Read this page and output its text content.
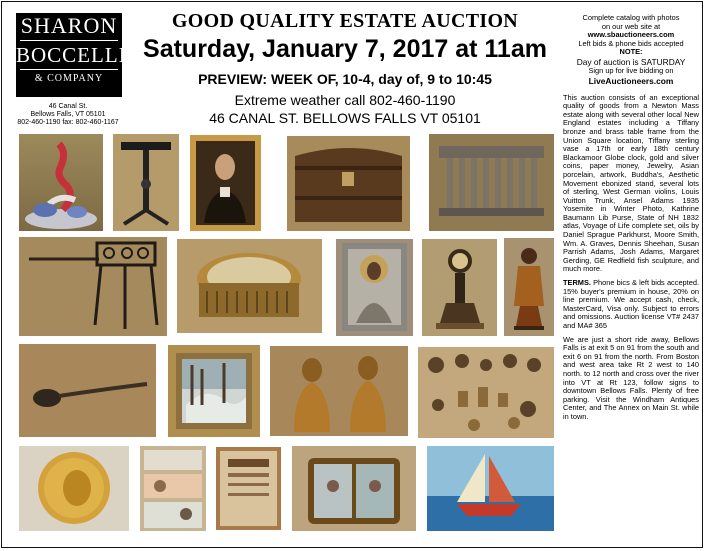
SHARON
BOCCELLI
& COMPANY
46 Canal St.
Bellows Falls, VT 05101
802-460-1190 fax: 802-460-1167
GOOD QUALITY ESTATE AUCTION
Saturday, January 7, 2017 at 11am
PREVIEW: WEEK OF, 10-4, day of, 9 to 10:45
Extreme weather call 802-460-1190
46 CANAL ST. BELLOWS FALLS VT 05101
Complete catalog with photos
on our web site at
www.sbauctioneers.com
Left bids & phone bids accepted
NOTE:
Day of auction is SATURDAY
Sign up for live bidding on
LiveAuctioneers.com

This auction consists of an exceptional quality of goods from a Newton Mass estate along with several other local New England estates including a Tiffany bronze and brass table frame from the Union Square location, Tiffany sterling vase a 17th or early 18th century Blackamoor Globe clock, gold and silver coins, paper money, Jewelry, Asian porcelain, artwork, Buddha's, Aesthetic Movement ebonized stand, several lots of sterling, West German violins, Louis Vuitton Trunk, Ansel Adams 1935 Yosemite in Winter Photo, Kathrine Baumann Lib Purse, State of NH 1832 atlas, Voyage of Life complete set, oils by Daniel Sprague Parkhurst, Moore Smith, Wm. A. Graves, Dennis Sheehan, Susan Parrish Adams, Josh Adams, Margaret Gerding, GE Redfield fish sculpture, and much more.

TERMS. Phone bics & left bids accepted. 15% buyer's premium in house, 20% on line premium. We accept cash, check, MasterCard, Visa only. Subject to errors and omissions. Auction license VT# 2437 and MA# 365

We are just a short ride away, Bellows Falls is at exit 5 on 91 from the south and exit 6 on 91 from the north. From Boston and west area take Rt 2 west to 140 north. to 12 north and cross over the river into VT at Rt 123, follow signs to downtown Bellows Falls. Plenty of free parking. Visit the Windham Antiques Center, and The Annex on Main St. while in town.
